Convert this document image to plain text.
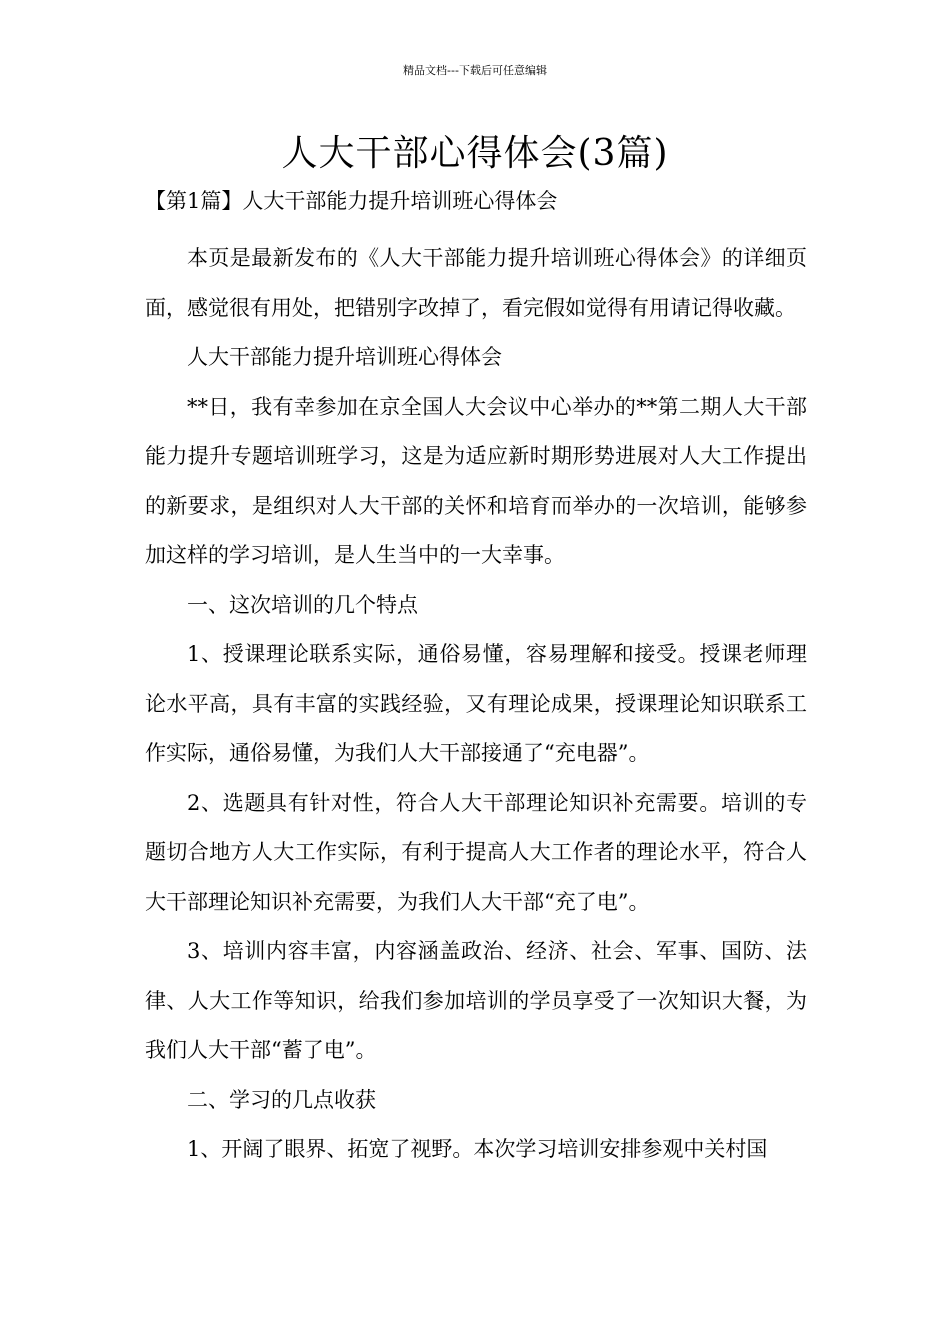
精品文档---下载后可任意编辑
人大干部心得体会(3篇)
【第1篇】人大干部能力提升培训班心得体会

本页是最新发布的《人大干部能力提升培训班心得体会》的详细页面，感觉很有用处，把错别字改掉了，看完假如觉得有用请记得收藏。

人大干部能力提升培训班心得体会

**日，我有幸参加在京全国人大会议中心举办的**第二期人大干部能力提升专题培训班学习，这是为适应新时期形势进展对人大工作提出的新要求，是组织对人大干部的关怀和培育而举办的一次培训，能够参加这样的学习培训，是人生当中的一大幸事。

一、这次培训的几个特点

1、授课理论联系实际，通俗易懂，容易理解和接受。授课老师理论水平高，具有丰富的实践经验，又有理论成果，授课理论知识联系工作实际，通俗易懂，为我们人大干部接通了“充电器”。

2、选题具有针对性，符合人大干部理论知识补充需要。培训的专题切合地方人大工作实际，有利于提高人大工作者的理论水平，符合人大干部理论知识补充需要，为我们人大干部“充了电”。

3、培训内容丰富，内容涵盖政治、经济、社会、军事、国防、法律、人大工作等知识，给我们参加培训的学员享受了一次知识大餐，为我们人大干部“蓄了电”。

二、学习的几点收获

1、开阔了眼界、拓宽了视野。本次学习培训安排参观中关村国
